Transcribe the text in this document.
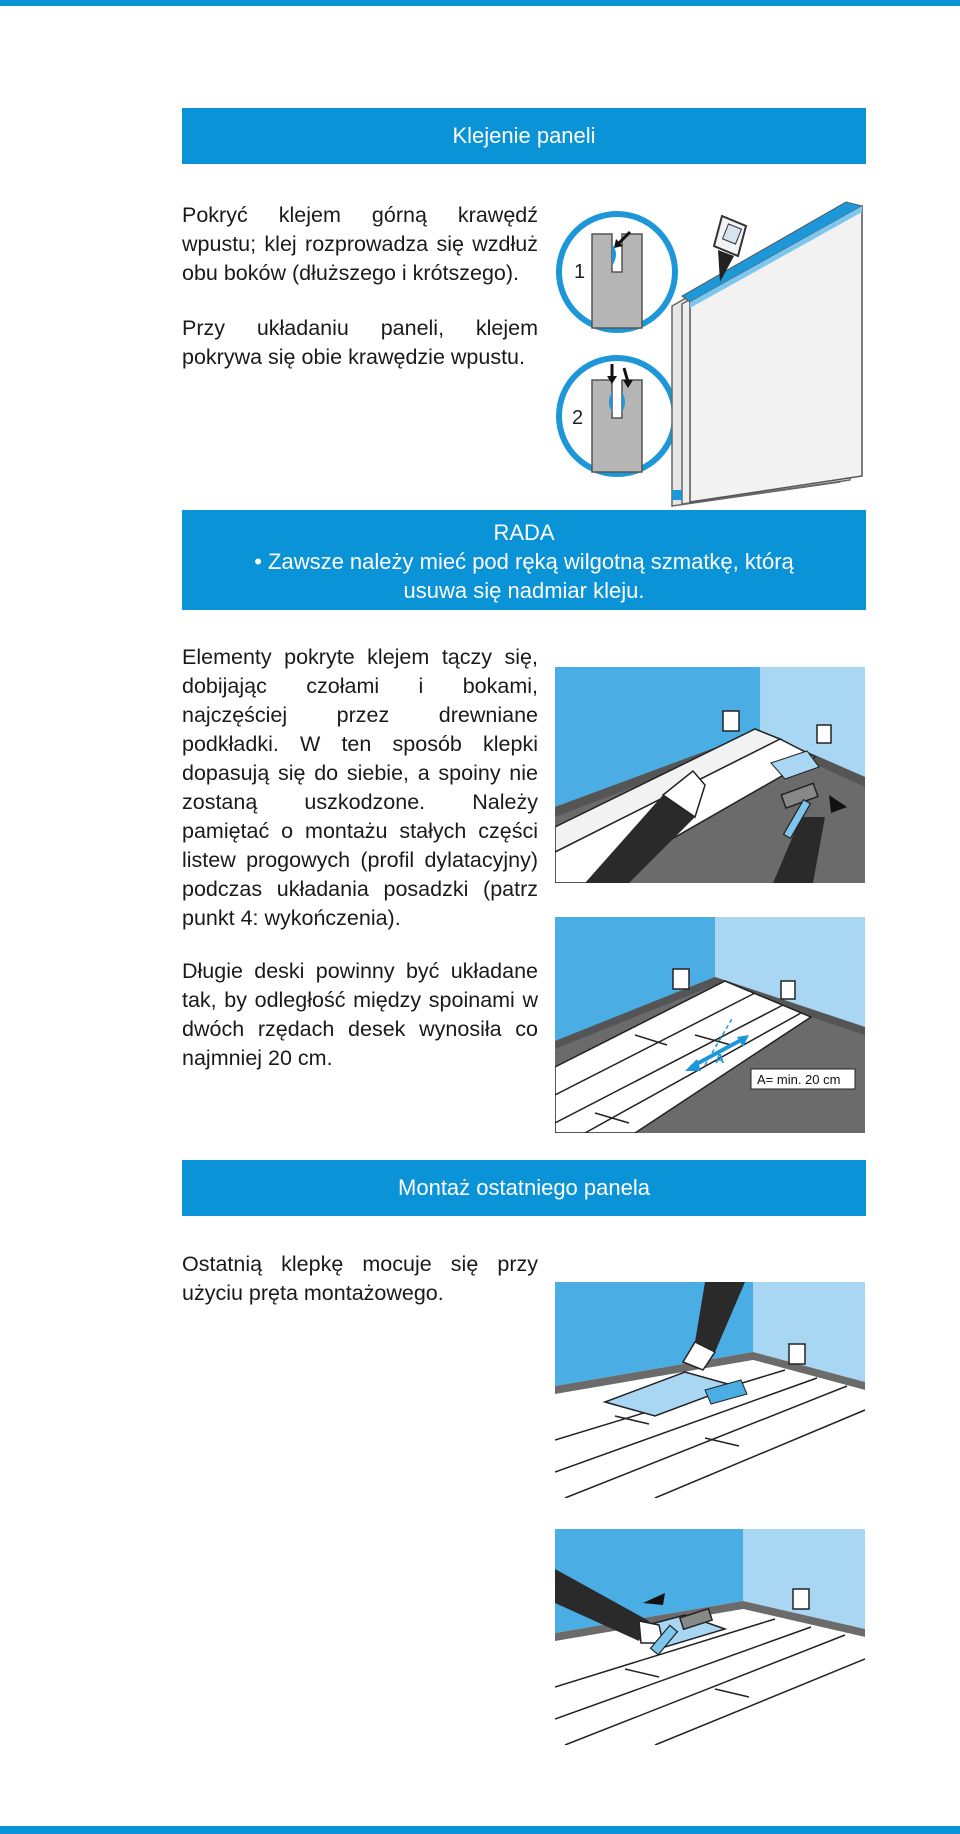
Klejenie paneli

Pokryć klejem górną krawędź wpustu; klej rozprowadza się wzdłuż obu boków (dłuższego i krótszego).

Przy układaniu paneli, klejem pokrywa się obie krawędzie wpustu.

1
2
RADA
• Zawsze należy mieć pod ręką wilgotną szmatkę, którą usuwa się nadmiar kleju.

Elementy pokryte klejem tączy się, dobijając czołami i bokami, najczęściej przez drewniane podkładki. W ten sposób klepki dopasują się do siebie, a spoiny nie zostaną uszkodzone. Należy pamiętać o montażu stałych części listew progowych (profil dylatacyjny) podczas układania posadzki (patrz punkt 4: wykończenia).

Długie deski powinny być układane tak, by odległość między spoinami w dwóch rzędach desek wynosiła co najmniej 20 cm.	A
A= min. 20 cm
Montaż ostatniego panela

Ostatnią klepkę mocuje się przy użyciu pręta montażowego.
